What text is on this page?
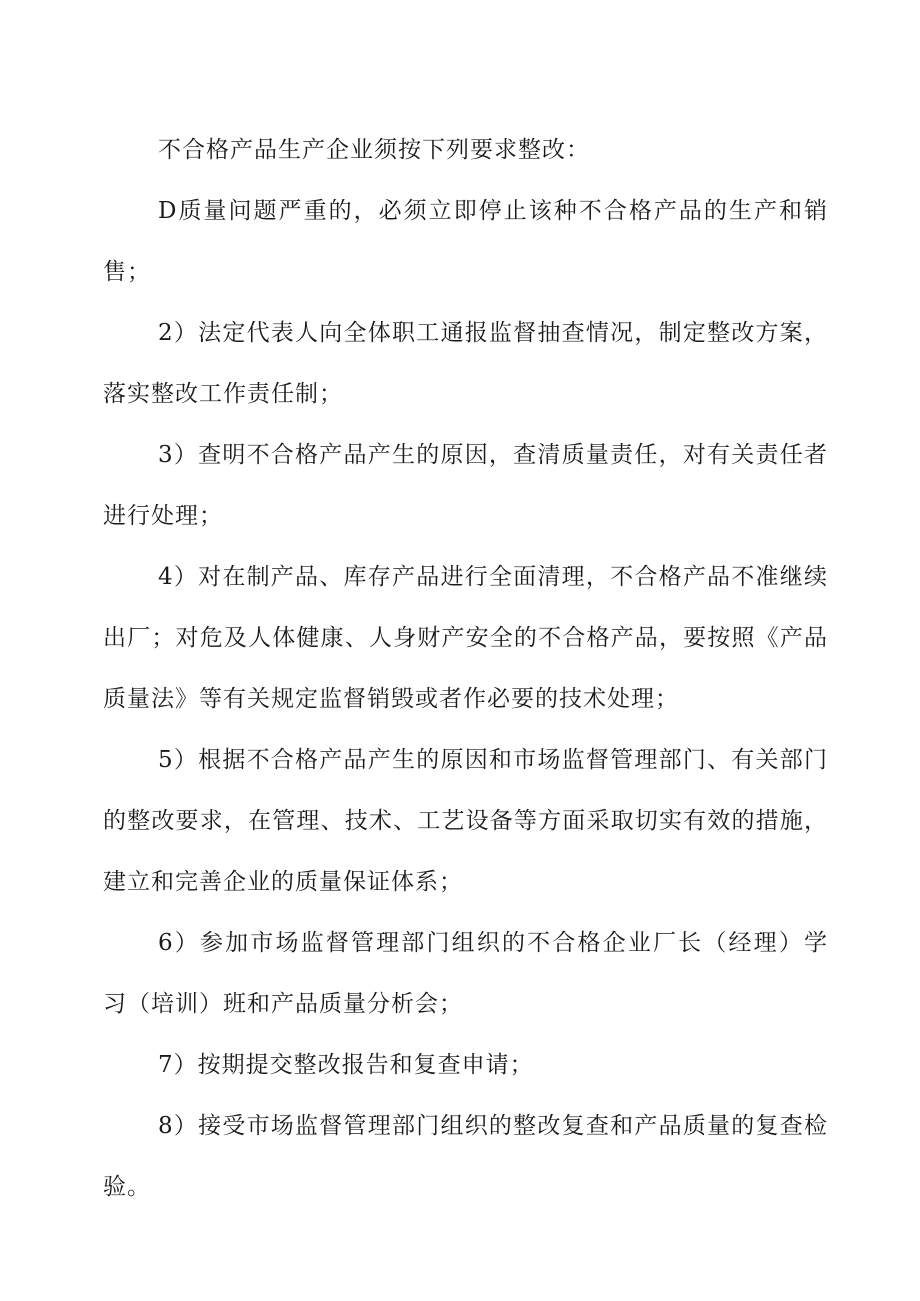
不合格产品生产企业须按下列要求整改：

D质量问题严重的，必须立即停止该种不合格产品的生产和销售；

2）法定代表人向全体职工通报监督抽查情况，制定整改方案，落实整改工作责任制；

3）查明不合格产品产生的原因，查清质量责任，对有关责任者进行处理；

4）对在制产品、库存产品进行全面清理，不合格产品不准继续出厂；对危及人体健康、人身财产安全的不合格产品，要按照《产品质量法》等有关规定监督销毁或者作必要的技术处理；

5）根据不合格产品产生的原因和市场监督管理部门、有关部门的整改要求，在管理、技术、工艺设备等方面采取切实有效的措施，建立和完善企业的质量保证体系；

6）参加市场监督管理部门组织的不合格企业厂长（经理）学 习（培训）班和产品质量分析会；

7）按期提交整改报告和复查申请；

8）接受市场监督管理部门组织的整改复查和产品质量的复查检验。
